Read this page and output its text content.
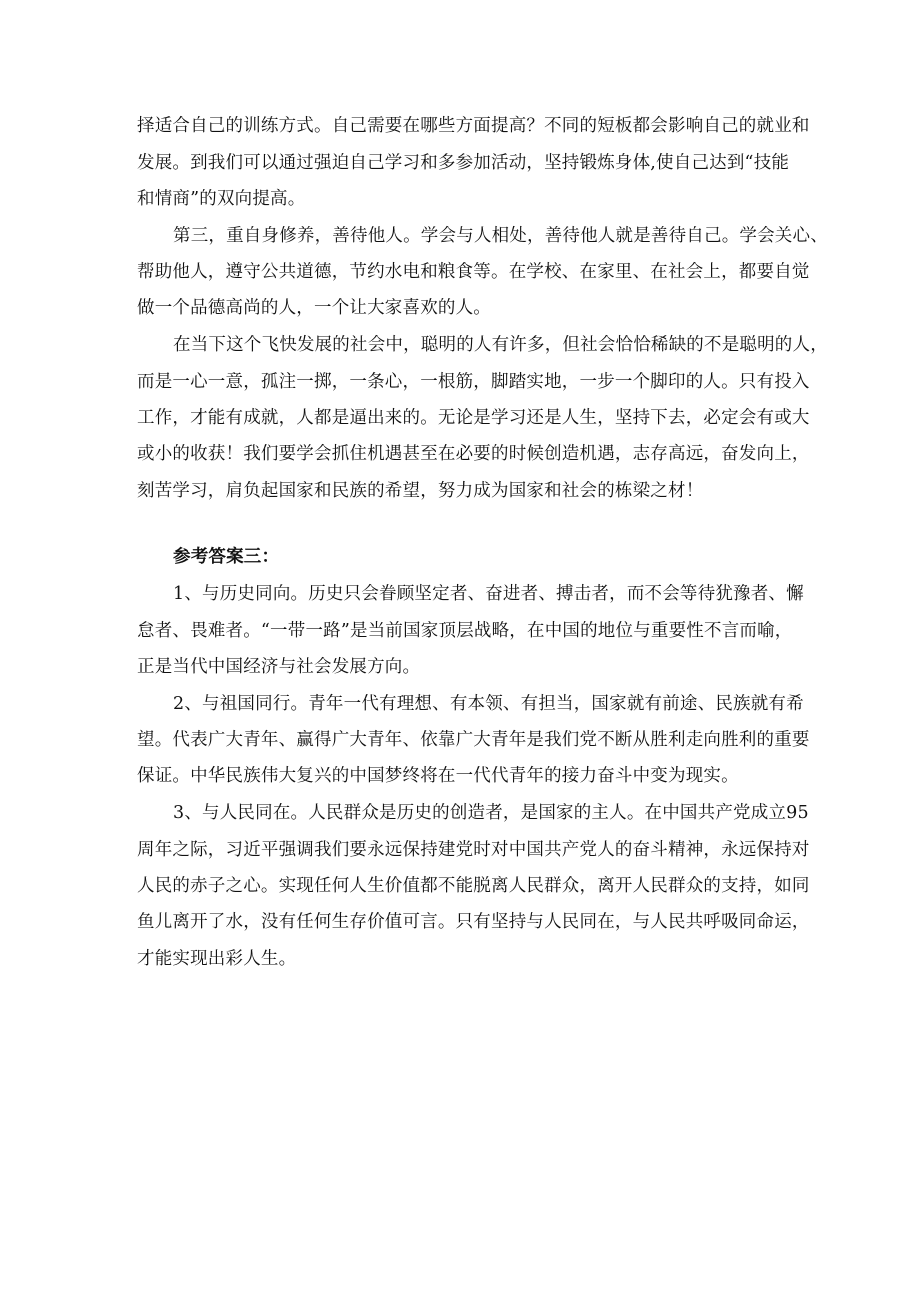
择适合自己的训练方式。自己需要在哪些方面提高？不同的短板都会影响自己的就业和
发展。到我们可以通过强迫自己学习和多参加活动，坚持锻炼身体,使自己达到“技能
和情商”的双向提高。
第三，重自身修养，善待他人。学会与人相处，善待他人就是善待自己。学会关心、
帮助他人，遵守公共道德，节约水电和粮食等。在学校、在家里、在社会上，都要自觉
做一个品德高尚的人，一个让大家喜欢的人。
在当下这个飞快发展的社会中，聪明的人有许多，但社会恰恰稀缺的不是聪明的人，
而是一心一意，孤注一掷，一条心，一根筋，脚踏实地，一步一个脚印的人。只有投入
工作，才能有成就，人都是逼出来的。无论是学习还是人生，坚持下去，必定会有或大
或小的收获！我们要学会抓住机遇甚至在必要的时候创造机遇，志存高远，奋发向上，
刻苦学习，肩负起国家和民族的希望，努力成为国家和社会的栋梁之材！
参考答案三：
1、与历史同向。历史只会眷顾坚定者、奋进者、搏击者，而不会等待犹豫者、懈
怠者、畏难者。“一带一路”是当前国家顶层战略，在中国的地位与重要性不言而喻，
正是当代中国经济与社会发展方向。
2、与祖国同行。青年一代有理想、有本领、有担当，国家就有前途、民族就有希
望。代表广大青年、赢得广大青年、依靠广大青年是我们党不断从胜利走向胜利的重要
保证。中华民族伟大复兴的中国梦终将在一代代青年的接力奋斗中变为现实。
3、与人民同在。人民群众是历史的创造者，是国家的主人。在中国共产党成立95
周年之际，习近平强调我们要永远保持建党时对中国共产党人的奋斗精神，永远保持对
人民的赤子之心。实现任何人生价值都不能脱离人民群众，离开人民群众的支持，如同
鱼儿离开了水，没有任何生存价值可言。只有坚持与人民同在，与人民共呼吸同命运，
才能实现出彩人生。
